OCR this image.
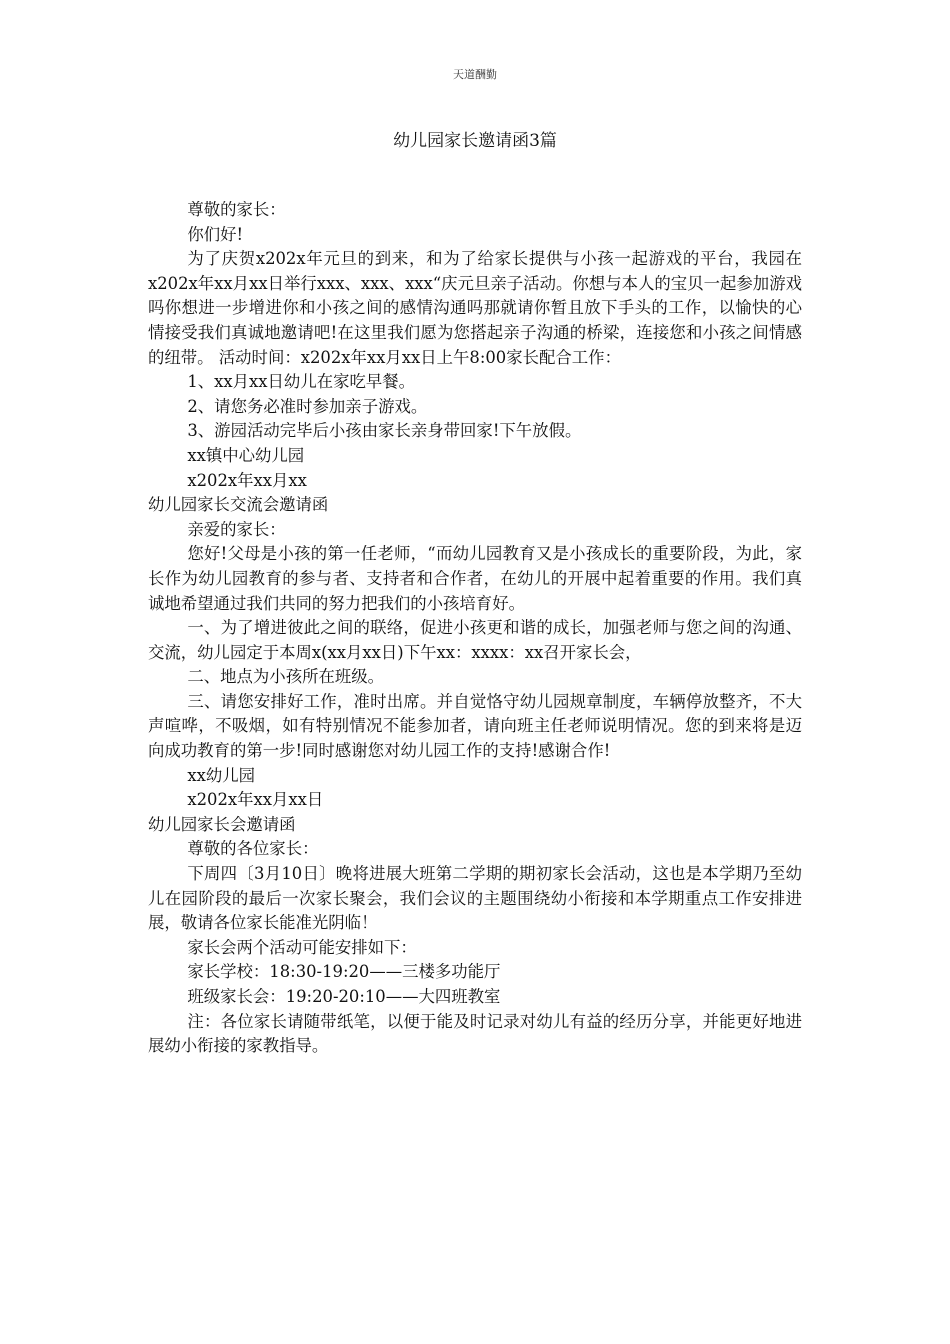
天道酬勤
幼儿园家长邀请函3篇

尊敬的家长：

你们好!

为了庆贺x202x年元旦的到来，和为了给家长提供与小孩一起游戏的平台，我园在x202x年xx月xx日举行xxx、xxx、xxx“庆元旦亲子活动。你想与本人的宝贝一起参加游戏吗你想进一步增进你和小孩之间的感情沟通吗那就请你暂且放下手头的工作，以愉快的心情接受我们真诚地邀请吧!在这里我们愿为您搭起亲子沟通的桥梁，连接您和小孩之间情感的纽带。 活动时间：x202x年xx月xx日上午8:00家长配合工作：

1、xx月xx日幼儿在家吃早餐。

2、请您务必准时参加亲子游戏。

3、游园活动完毕后小孩由家长亲身带回家!下午放假。

xx镇中心幼儿园

x202x年xx月xx

幼儿园家长交流会邀请函

亲爱的家长：

您好!父母是小孩的第一任老师，“而幼儿园教育又是小孩成长的重要阶段，为此，家长作为幼儿园教育的参与者、支持者和合作者，在幼儿的开展中起着重要的作用。我们真诚地希望通过我们共同的努力把我们的小孩培育好。

一、为了增进彼此之间的联络，促进小孩更和谐的成长，加强老师与您之间的沟通、交流，幼儿园定于本周x(xx月xx日)下午xx：xxxx：xx召开家长会，

二、地点为小孩所在班级。

三、请您安排好工作，准时出席。并自觉恪守幼儿园规章制度，车辆停放整齐，不大声喧哗，不吸烟，如有特别情况不能参加者，请向班主任老师说明情况。您的到来将是迈向成功教育的第一步!同时感谢您对幼儿园工作的支持!感谢合作!

xx幼儿园

x202x年xx月xx日

幼儿园家长会邀请函

尊敬的各位家长：

下周四〔3月10日〕晚将进展大班第二学期的期初家长会活动，这也是本学期乃至幼儿在园阶段的最后一次家长聚会，我们会议的主题围绕幼小衔接和本学期重点工作安排进展，敬请各位家长能准光阴临！

家长会两个活动可能安排如下：

家长学校：18:30-19:20——三楼多功能厅

班级家长会：19:20-20:10——大四班教室

注：各位家长请随带纸笔，以便于能及时记录对幼儿有益的经历分享，并能更好地进展幼小衔接的家教指导。
